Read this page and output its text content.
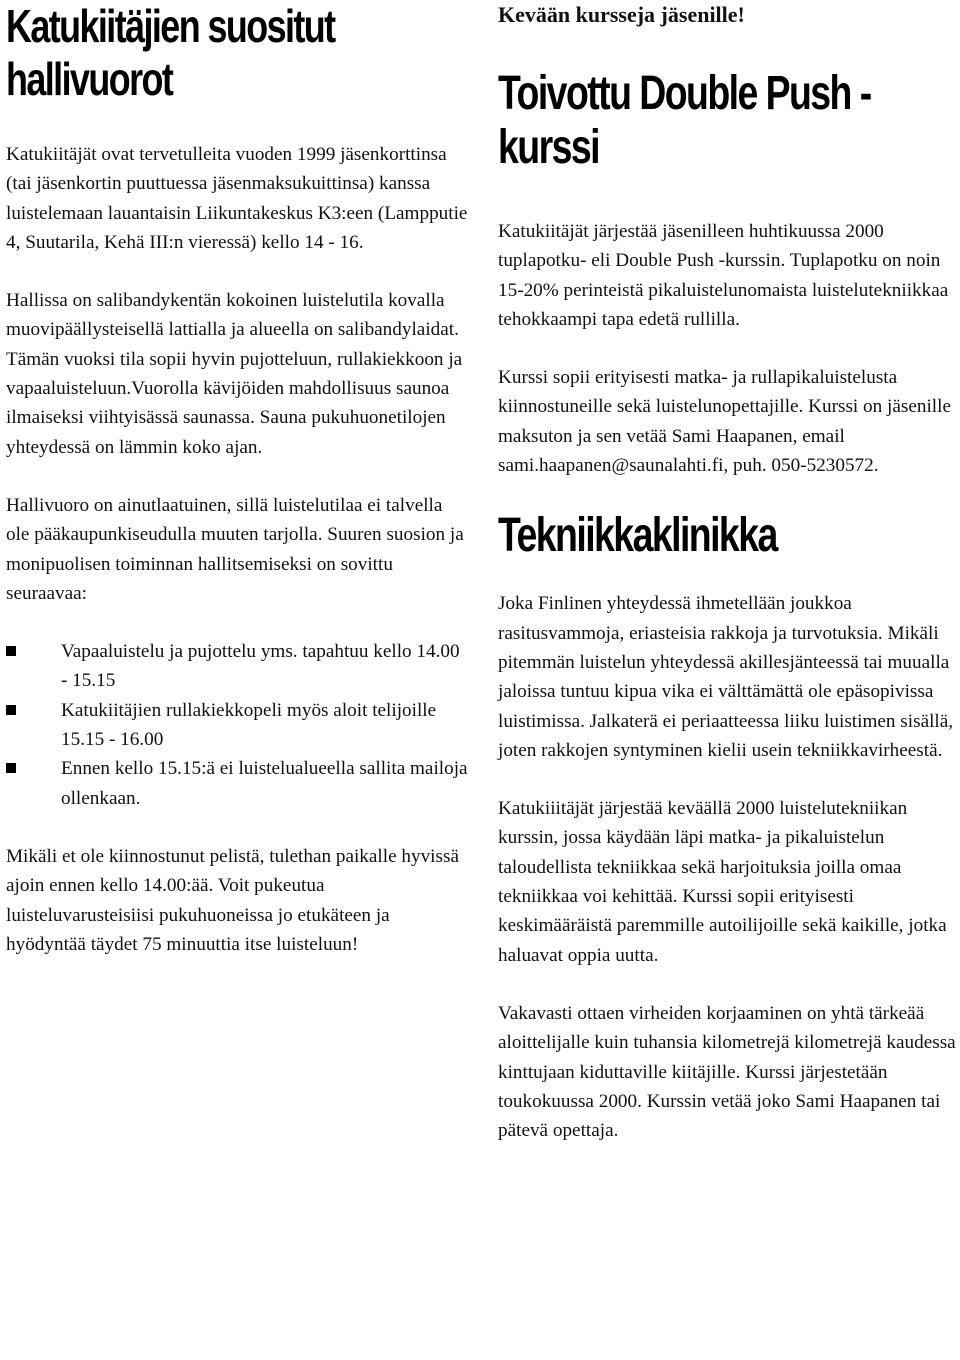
Katukiitäjien suositut
hallivuorot

Katukiitäjät ovat tervetulleita vuoden 1999 jäsenkorttinsa (tai jäsenkortin puuttuessa jäsenmaksukuittinsa) kanssa luistelemaan lauantaisin Liikuntakeskus K3:een (Lampputie 4, Suutarila, Kehä III:n vieressä) kello 14 - 16.

Hallissa on salibandykentän kokoinen luistelutila kovalla muovipäällysteisellä lattialla ja alueella on salibandylaidat. Tämän vuoksi tila sopii hyvin pujotteluun, rullakiekkoon ja vapaaluisteluun.Vuorolla kävijöiden mahdollisuus saunoa ilmaiseksi viihtyisässä saunassa. Sauna pukuhuonetilojen yhteydessä on lämmin koko ajan.

Hallivuoro on ainutlaatuinen, sillä luistelutilaa ei talvella ole pääkaupunkiseudulla muuten tarjolla. Suuren suosion ja monipuolisen toiminnan hallitsemiseksi on sovittu seuraavaa:

Vapaaluistelu ja pujottelu yms. tapahtuu kello 14.00 - 15.15
Katukiitäjien rullakiekkopeli myös aloit telijoille 15.15 - 16.00
Ennen kello 15.15:ä ei luistelualueella sallita mailoja ollenkaan.

Mikäli et ole kiinnostunut pelistä, tulethan paikalle hyvissä ajoin ennen kello 14.00:ää. Voit pukeutua luisteluvarusteisiisi pukuhuoneissa jo etukäteen ja hyödyntää täydet 75 minuuttia itse luisteluun!

Kevään kursseja jäsenille!
Toivottu Double Push -
kurssi

Katukiitäjät järjestää jäsenilleen huhtikuussa 2000 tuplapotku- eli Double Push -kurssin. Tuplapotku on noin 15-20% perinteistä pikaluistelunomaista luistelutekniikkaa tehokkaampi tapa edetä rullilla.

Kurssi sopii erityisesti matka- ja rullapikaluistelusta kiinnostuneille sekä luistelunopettajille. Kurssi on jäsenille maksuton ja sen vetää Sami Haapanen, email sami.haapanen@saunalahti.fi, puh. 050-5230572.

Tekniikkaklinikka

Joka Finlinen yhteydessä ihmetellään joukkoa rasitusvammoja, eriasteisia rakkoja ja turvotuksia. Mikäli pitemmän luistelun yhteydessä akillesjänteessä tai muualla jaloissa tuntuu kipua vika ei välttämättä ole epäsopivissa luistimissa. Jalkaterä ei periaatteessa liiku luistimen sisällä, joten rakkojen syntyminen kielii usein tekniikkavirheestä.

Katukiiitäjät järjestää keväällä 2000 luistelutekniikan kurssin, jossa käydään läpi matka- ja pikaluistelun taloudellista tekniikkaa sekä harjoituksia joilla omaa tekniikkaa voi kehittää. Kurssi sopii erityisesti keskimääräistä paremmille autoilijoille sekä kaikille, jotka haluavat oppia uutta.

Vakavasti ottaen virheiden korjaaminen on yhtä tärkeää aloittelijalle kuin tuhansia kilometrejä kilometrejä kaudessa kinttujaan kiduttaville kiitäjille. Kurssi järjestetään toukokuussa 2000. Kurssin vetää joko Sami Haapanen tai pätevä opettaja.
